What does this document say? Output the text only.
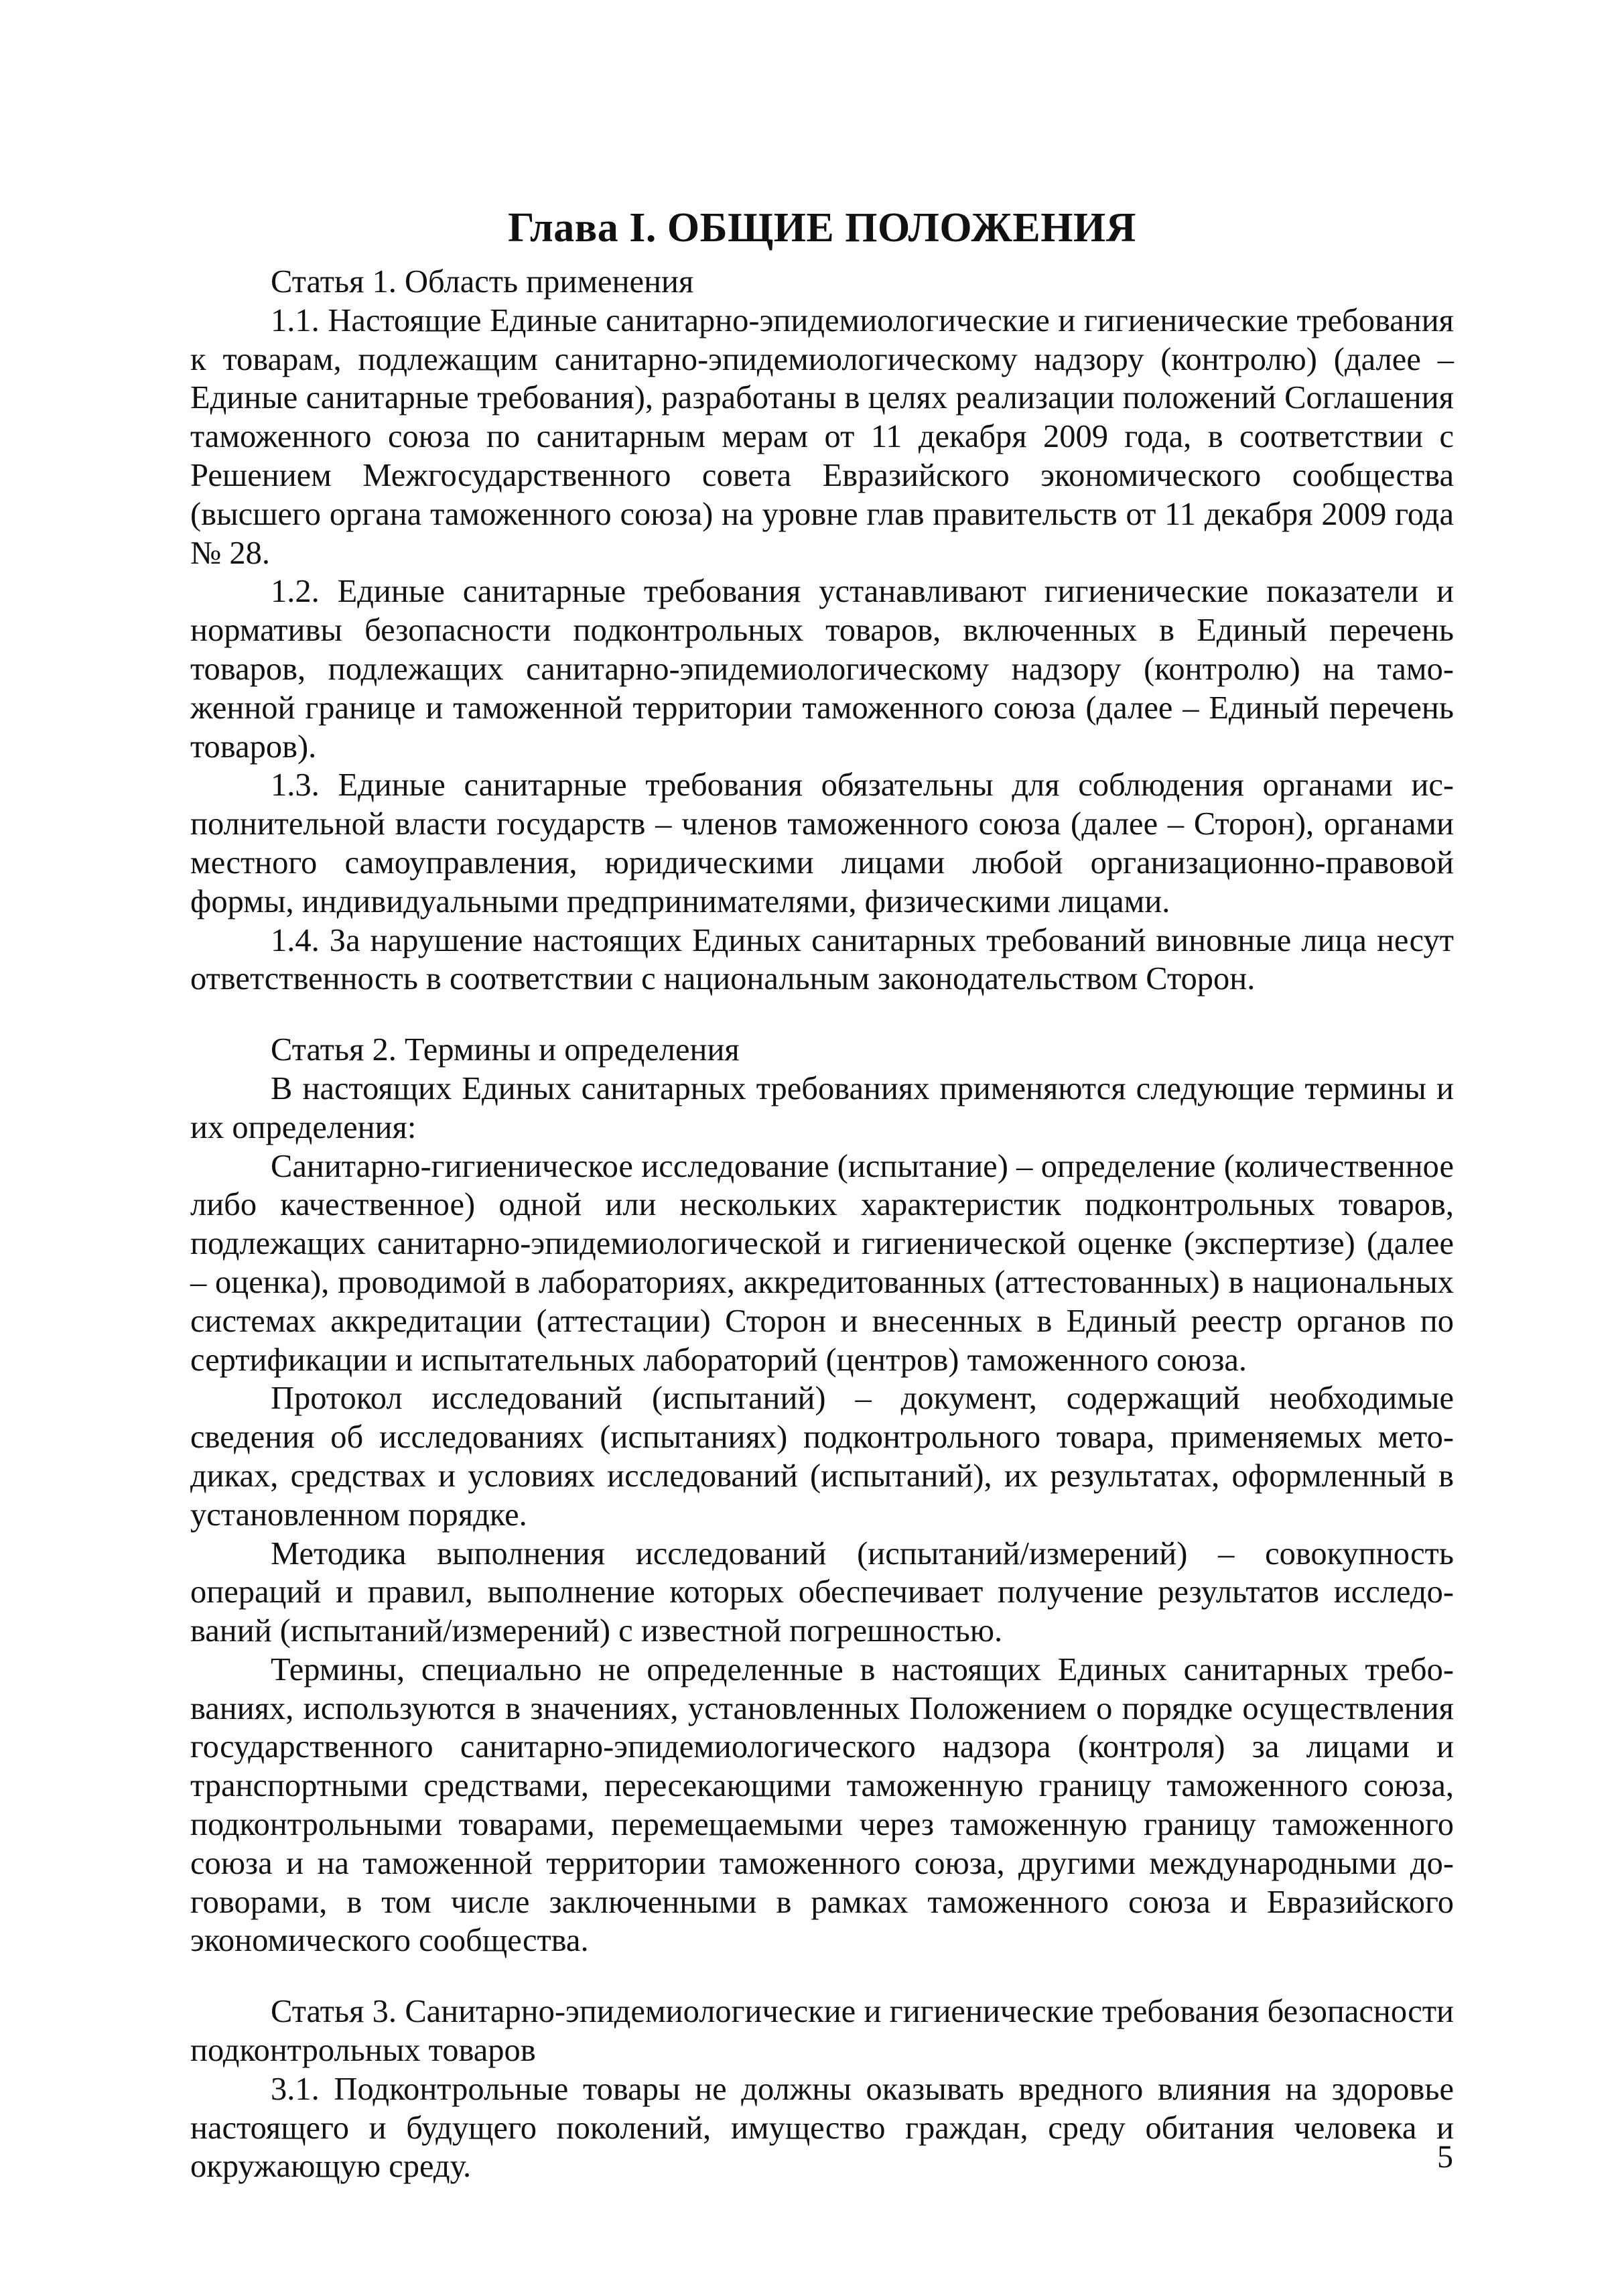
Глава I. ОБЩИЕ ПОЛОЖЕНИЯ

Статья 1. Область применения

1.1. Настоящие Единые санитарно-эпидемиологические и гигиенические требования к товарам, подлежащим санитарно-эпидемиологическому надзору (контролю) (далее – Единые санитарные требования), разработаны в целях реализации положений Соглашения таможенного союза по санитарным мерам от 11 декабря 2009 года, в соответствии с Решением Межгосударственного совета Евразийского экономического сообщества (высшего органа таможенного союза) на уровне глав правительств от 11 декабря 2009 года № 28.

1.2. Единые санитарные требования устанавливают гигиенические показатели и нормативы безопасности подконтрольных товаров, включенных в Единый перечень товаров, подлежащих санитарно-эпидемиологическому надзору (контролю) на таможенной границе и таможенной территории таможенного союза (далее – Единый перечень товаров).

1.3. Единые санитарные требования обязательны для соблюдения органами исполнительной власти государств – членов таможенного союза (далее – Сторон), органами местного самоуправления, юридическими лицами любой организационно-правовой формы, индивидуальными предпринимателями, физическими лицами.

1.4. За нарушение настоящих Единых санитарных требований виновные лица несут ответственность в соответствии с национальным законодательством Сторон.

Статья 2. Термины и определения

В настоящих Единых санитарных требованиях применяются следующие термины и их определения:

Санитарно-гигиеническое исследование (испытание) – определение (количественное либо качественное) одной или нескольких характеристик подконтрольных товаров, подлежащих санитарно-эпидемиологической и гигиенической оценке (экспертизе) (далее – оценка), проводимой в лабораториях, аккредитованных (аттестованных) в национальных системах аккредитации (аттестации) Сторон и внесенных в Единый реестр органов по сертификации и испытательных лабораторий (центров) таможенного союза.

Протокол исследований (испытаний) – документ, содержащий необходимые сведения об исследованиях (испытаниях) подконтрольного товара, применяемых методиках, средствах и условиях исследований (испытаний), их результатах, оформленный в установленном порядке.

Методика выполнения исследований (испытаний/измерений) – совокупность операций и правил, выполнение которых обеспечивает получение результатов исследований (испытаний/измерений) с известной погрешностью.

Термины, специально не определенные в настоящих Единых санитарных требованиях, используются в значениях, установленных Положением о порядке осуществления государственного санитарно-эпидемиологического надзора (контроля) за лицами и транспортными средствами, пересекающими таможенную границу таможенного союза, подконтрольными товарами, перемещаемыми через таможенную границу таможенного союза и на таможенной территории таможенного союза, другими международными договорами, в том числе заключенными в рамках таможенного союза и Евразийского экономического сообщества.

Статья 3. Санитарно-эпидемиологические и гигиенические требования безопасности подконтрольных товаров

3.1. Подконтрольные товары не должны оказывать вредного влияния на здоровье настоящего и будущего поколений, имущество граждан, среду обитания человека и окружающую среду.	5
